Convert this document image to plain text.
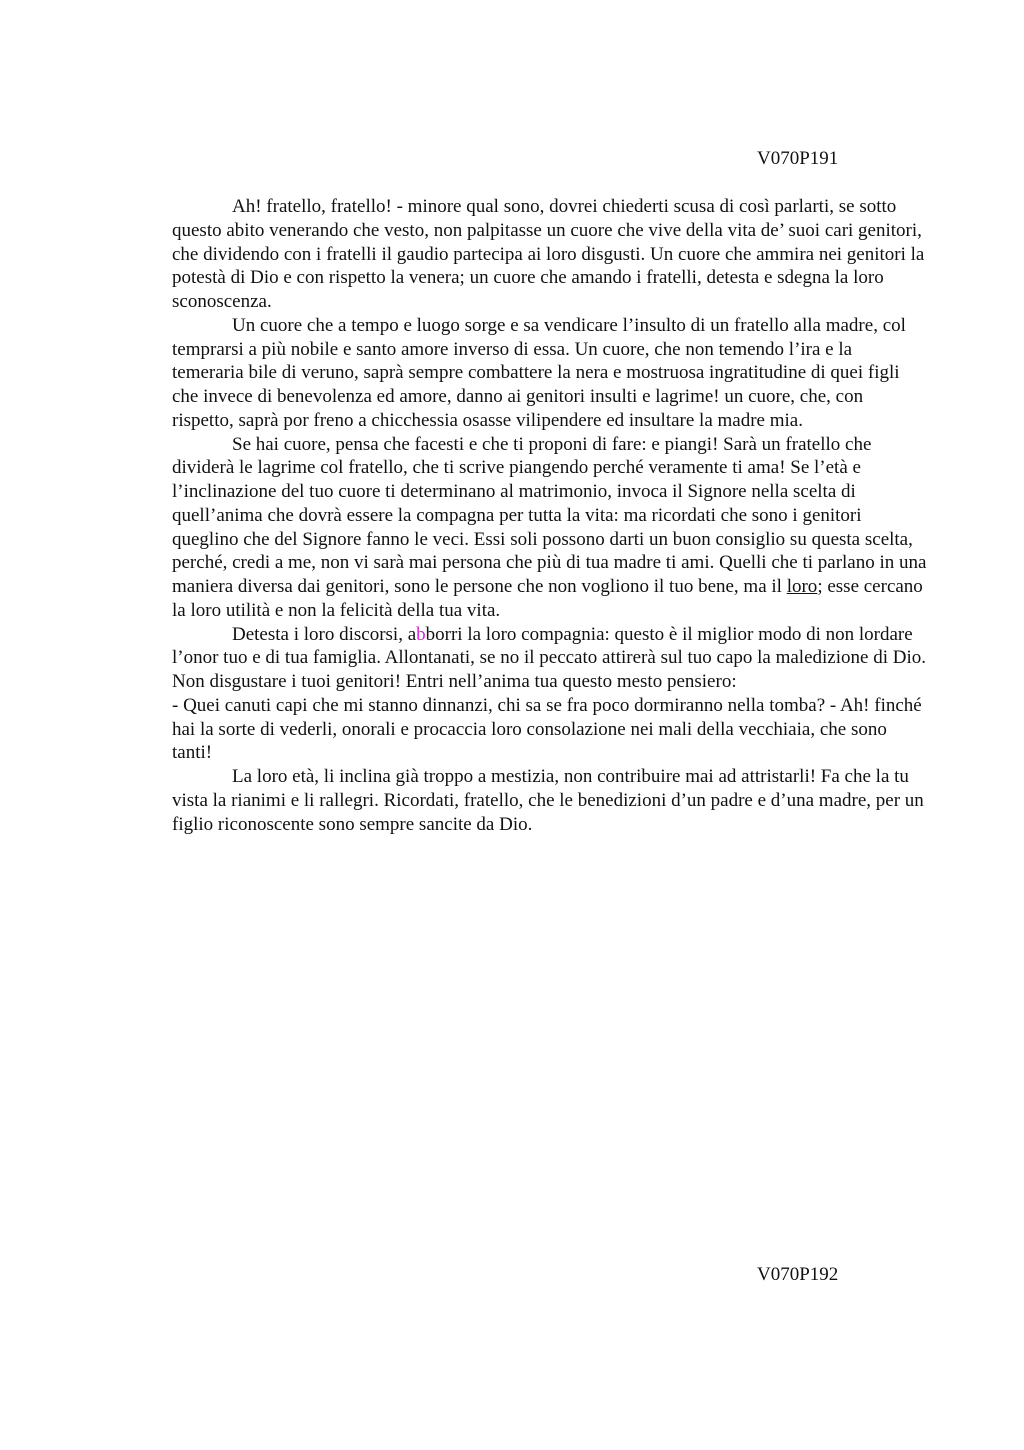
V070P191

Ah! fratello, fratello! - minore qual sono, dovrei chiederti scusa di così parlarti, se sotto questo abito venerando che vesto, non palpitasse un cuore che vive della vita de’ suoi cari genitori, che dividendo con i fratelli il gaudio partecipa ai loro disgusti. Un cuore che ammira nei genitori la potestà di Dio e con rispetto la venera; un cuore che amando i fratelli, detesta e sdegna la loro sconoscenza.

Un cuore che a tempo e luogo sorge e sa vendicare l’insulto di un fratello alla madre, col temprarsi a più nobile e santo amore inverso di essa. Un cuore, che non temendo l’ira e la temeraria bile di veruno, saprà sempre combattere la nera e mostruosa ingratitudine di quei figli che invece di benevolenza ed amore, danno ai genitori insulti e lagrime! un cuore, che, con rispetto, saprà por freno a chicchessia osasse vilipendere ed insultare la madre mia.

Se hai cuore, pensa che facesti e che ti proponi di fare: e piangi! Sarà un fratello che dividerà le lagrime col fratello, che ti scrive piangendo perché veramente ti ama! Se l’età e l’inclinazione del tuo cuore ti determinano al matrimonio, invoca il Signore nella scelta di quell’anima che dovrà essere la compagna per tutta la vita: ma ricordati che sono i genitori queglino che del Signore fanno le veci. Essi soli possono darti un buon consiglio su questa scelta, perché, credi a me, non vi sarà mai persona che più di tua madre ti ami. Quelli che ti parlano in una maniera diversa dai genitori, sono le persone che non vogliono il tuo bene, ma il loro; esse cercano la loro utilità e non la felicità della tua vita.

Detesta i loro discorsi, abborri la loro compagnia: questo è il miglior modo di non lordare l’onor tuo e di tua famiglia. Allontanati, se no il peccato attirerà sul tuo capo la maledizione di Dio. Non disgustare i tuoi genitori! Entri nell’anima tua questo mesto pensiero:

- Quei canuti capi che mi stanno dinnanzi, chi sa se fra poco dormiranno nella tomba? - Ah! finché hai la sorte di vederli, onorali e procaccia loro consolazione nei mali della vecchiaia, che sono tanti!

La loro età, li inclina già troppo a mestizia, non contribuire mai ad attristarli! Fa che la tu vista la rianimi e li rallegri. Ricordati, fratello, che le benedizioni d’un padre e d’una madre, per un figlio riconoscente sono sempre sancite da Dio.

V070P192
